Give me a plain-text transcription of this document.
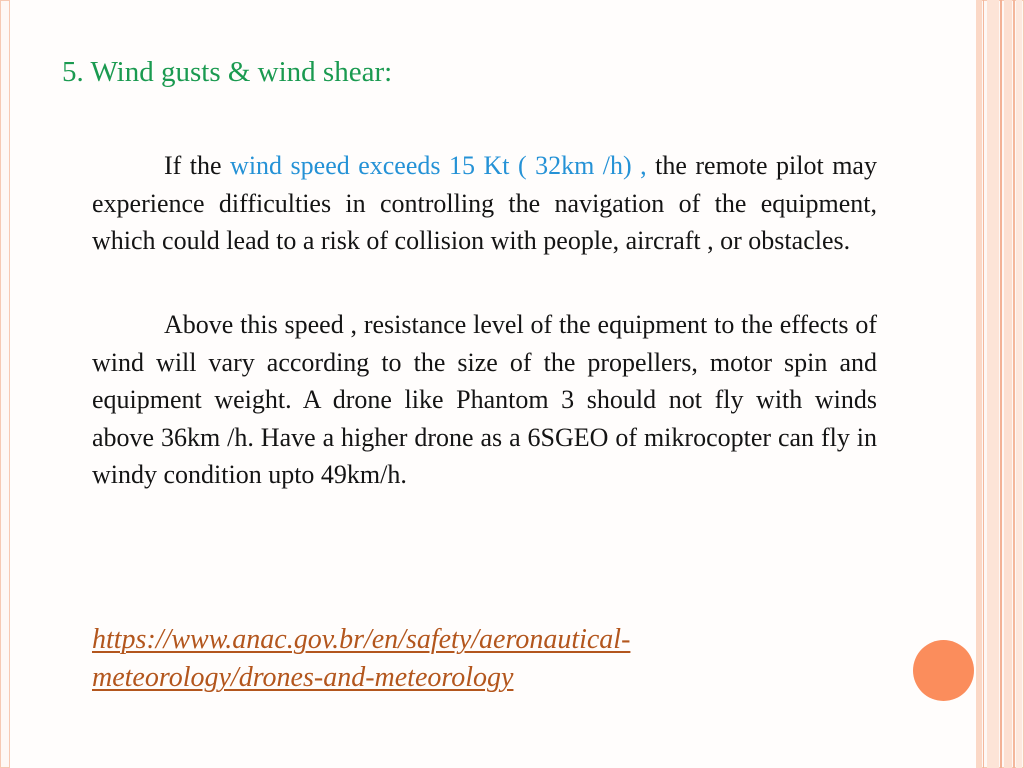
5. Wind gusts & wind shear:
If the wind speed exceeds 15 Kt ( 32km /h) , the remote pilot may experience difficulties in controlling the navigation of the equipment, which could lead to a risk of collision with people, aircraft , or obstacles.
Above this speed , resistance level of the equipment to the effects of wind will vary according to the size of the propellers, motor spin and equipment weight. A drone like Phantom 3 should not fly with winds above 36km /h. Have a higher drone as a 6SGEO of mikrocopter can fly in windy condition upto 49km/h.
https://www.anac.gov.br/en/safety/aeronautical-
meteorology/drones-and-meteorology
